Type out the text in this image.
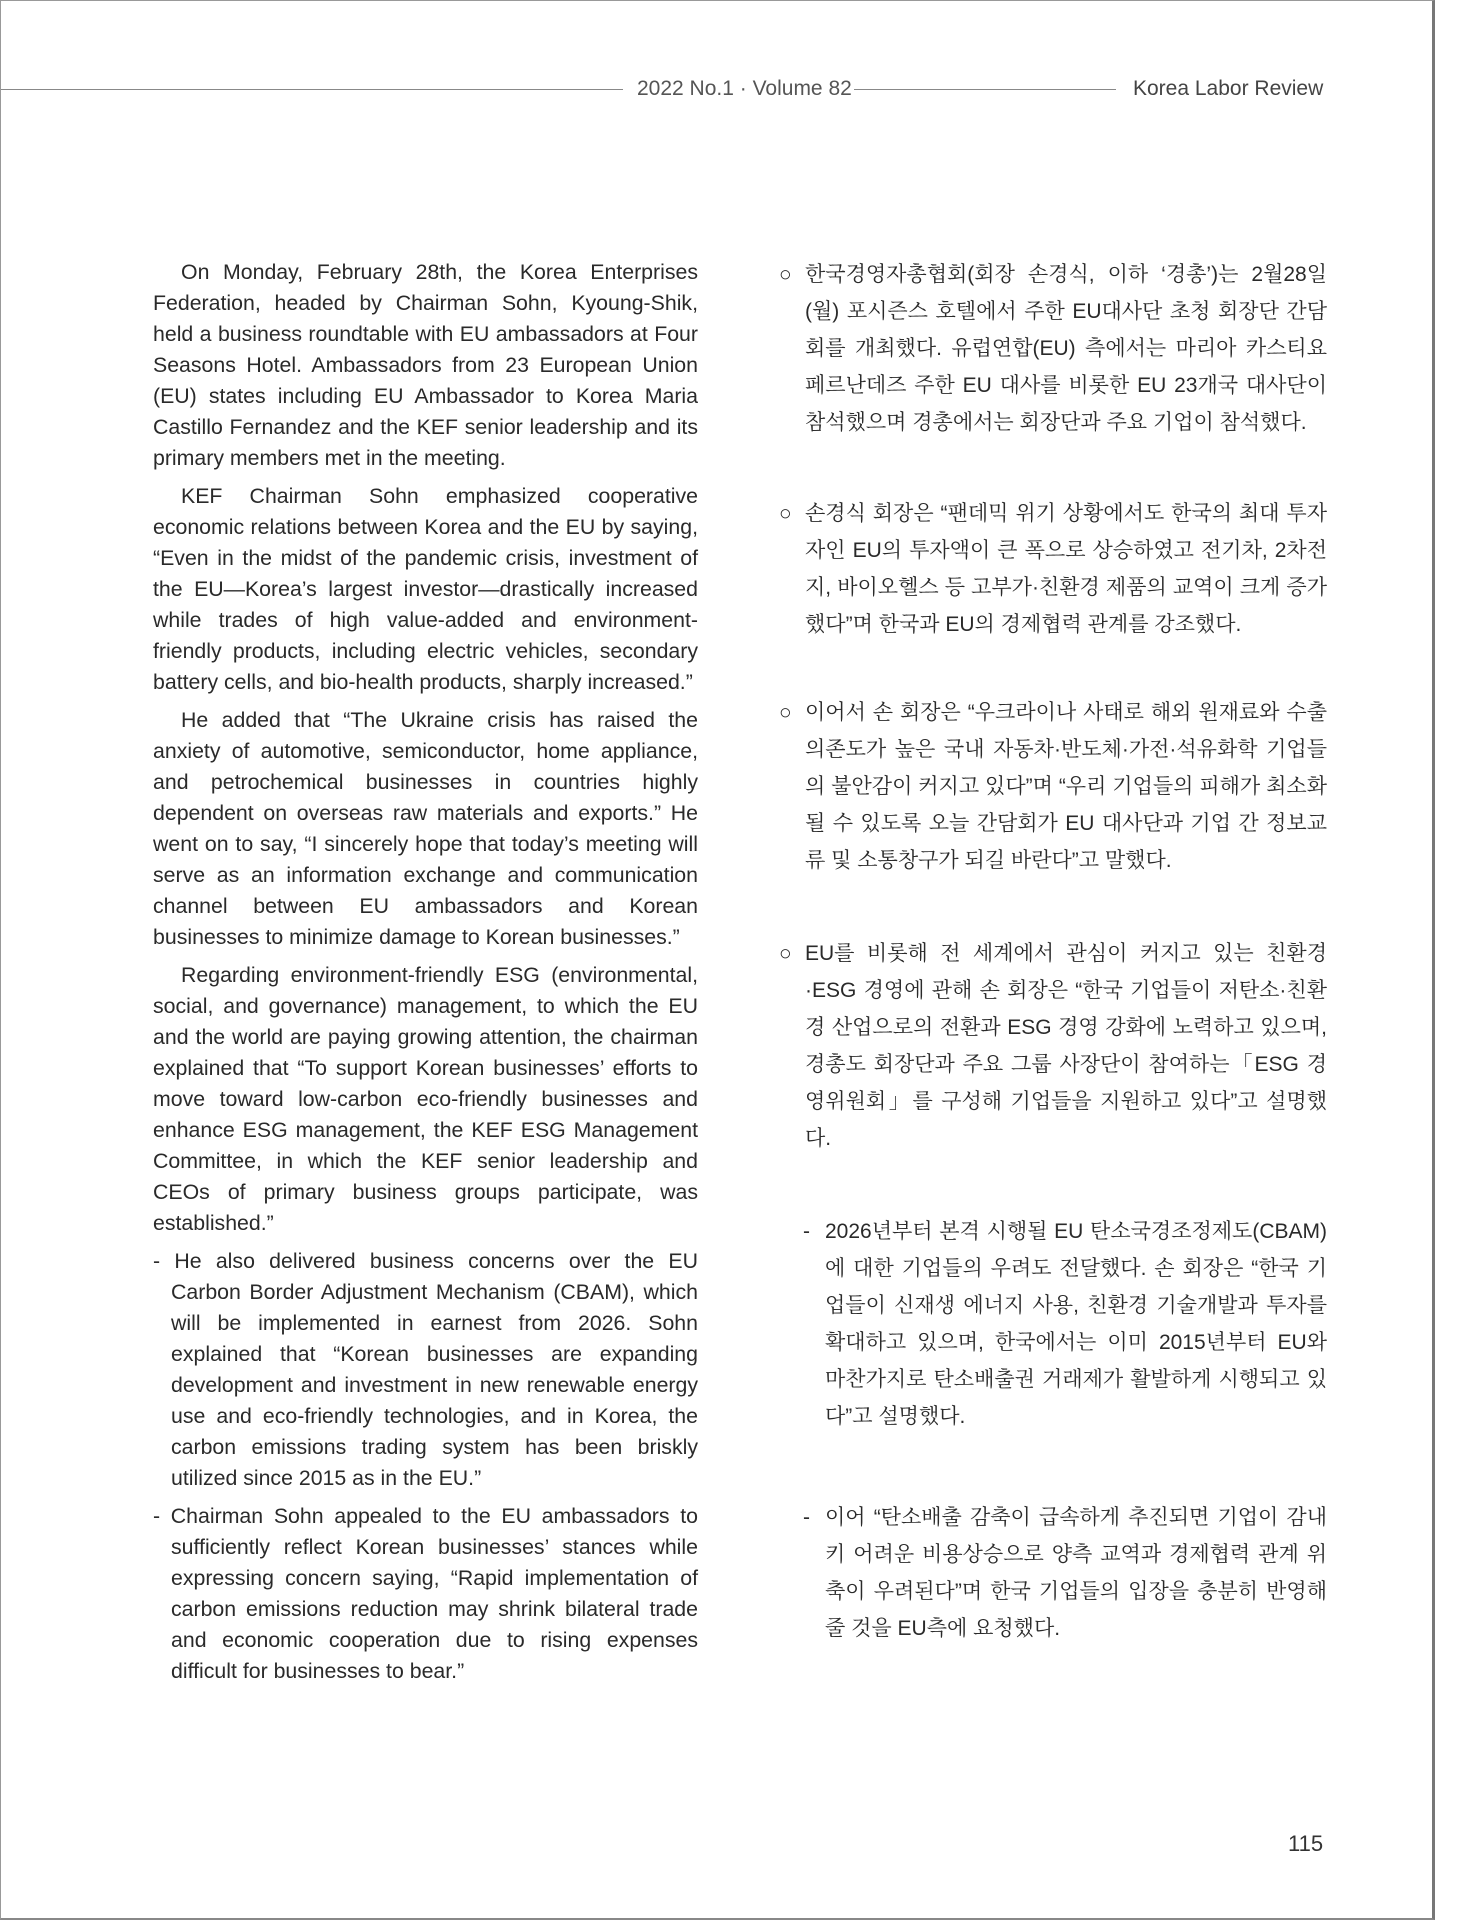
2022 No.1 · Volume 82	Korea Labor Review

On Monday, February 28th, the Korea Enterprises Federation, headed by Chairman Sohn, Kyoung-Shik, held a business roundtable with EU ambassadors at Four Seasons Hotel. Ambassadors from 23 European Union (EU) states including EU Ambassador to Korea Maria Castillo Fernandez and the KEF senior leadership and its primary members met in the meeting.

KEF Chairman Sohn emphasized cooperative economic relations between Korea and the EU by saying, “Even in the midst of the pandemic crisis, investment of the EU—Korea’s largest investor—drastically increased while trades of high value-added and environment-friendly products, including electric vehicles, secondary battery cells, and bio-health products, sharply increased.”

He added that “The Ukraine crisis has raised the anxiety of automotive, semiconductor, home appliance, and petrochemical businesses in countries highly dependent on overseas raw materials and exports.” He went on to say, “I sincerely hope that today’s meeting will serve as an information exchange and communication channel between EU ambassadors and Korean businesses to minimize damage to Korean businesses.”

Regarding environment-friendly ESG (environmental, social, and governance) management, to which the EU and the world are paying growing attention, the chairman explained that “To support Korean businesses’ efforts to move toward low-carbon eco-friendly businesses and enhance ESG management, the KEF ESG Management Committee, in which the KEF senior leadership and CEOs of primary business groups participate, was established.”

- He also delivered business concerns over the EU Carbon Border Adjustment Mechanism (CBAM), which will be implemented in earnest from 2026. Sohn explained that “Korean businesses are expanding development and investment in new renewable energy use and eco-friendly technologies, and in Korea, the carbon emissions trading system has been briskly utilized since 2015 as in the EU.”
- Chairman Sohn appealed to the EU ambassadors to sufficiently reflect Korean businesses’ stances while expressing concern saying, “Rapid implementation of carbon emissions reduction may shrink bilateral trade and economic cooperation due to rising expenses difficult for businesses to bear.”
○ 한국경영자총협회(회장 손경식, 이하 ‘경총’)는 2월28일(월) 포시즌스 호텔에서 주한 EU대사단 초청 회장단 간담회를 개최했다. 유럽연합(EU) 측에서는 마리아 카스티요 페르난데즈 주한 EU 대사를 비롯한 EU 23개국 대사단이 참석했으며 경총에서는 회장단과 주요 기업이 참석했다.
○ 손경식 회장은 “팬데믹 위기 상황에서도 한국의 최대 투자자인 EU의 투자액이 큰 폭으로 상승하였고 전기차, 2차전지, 바이오헬스 등 고부가·친환경 제품의 교역이 크게 증가했다”며 한국과 EU의 경제협력 관계를 강조했다.
○ 이어서 손 회장은 “우크라이나 사태로 해외 원재료와 수출의존도가 높은 국내 자동차·반도체·가전·석유화학 기업들의 불안감이 커지고 있다”며 “우리 기업들의 피해가 최소화될 수 있도록 오늘 간담회가 EU 대사단과 기업 간 정보교류 및 소통창구가 되길 바란다”고 말했다.
○ EU를 비롯해 전 세계에서 관심이 커지고 있는 친환경·ESG 경영에 관해 손 회장은 “한국 기업들이 저탄소·친환경 산업으로의 전환과 ESG 경영 강화에 노력하고 있으며, 경총도 회장단과 주요 그룹 사장단이 참여하는「ESG 경영위원회」를 구성해 기업들을 지원하고 있다”고 설명했다.
- 2026년부터 본격 시행될 EU 탄소국경조정제도(CBAM)에 대한 기업들의 우려도 전달했다. 손 회장은 “한국 기업들이 신재생 에너지 사용, 친환경 기술개발과 투자를 확대하고 있으며, 한국에서는 이미 2015년부터 EU와 마찬가지로 탄소배출권 거래제가 활발하게 시행되고 있다”고 설명했다.
- 이어 “탄소배출 감축이 급속하게 추진되면 기업이 감내키 어려운 비용상승으로 양측 교역과 경제협력 관계 위축이 우려된다”며 한국 기업들의 입장을 충분히 반영해 줄 것을 EU측에 요청했다.
115
